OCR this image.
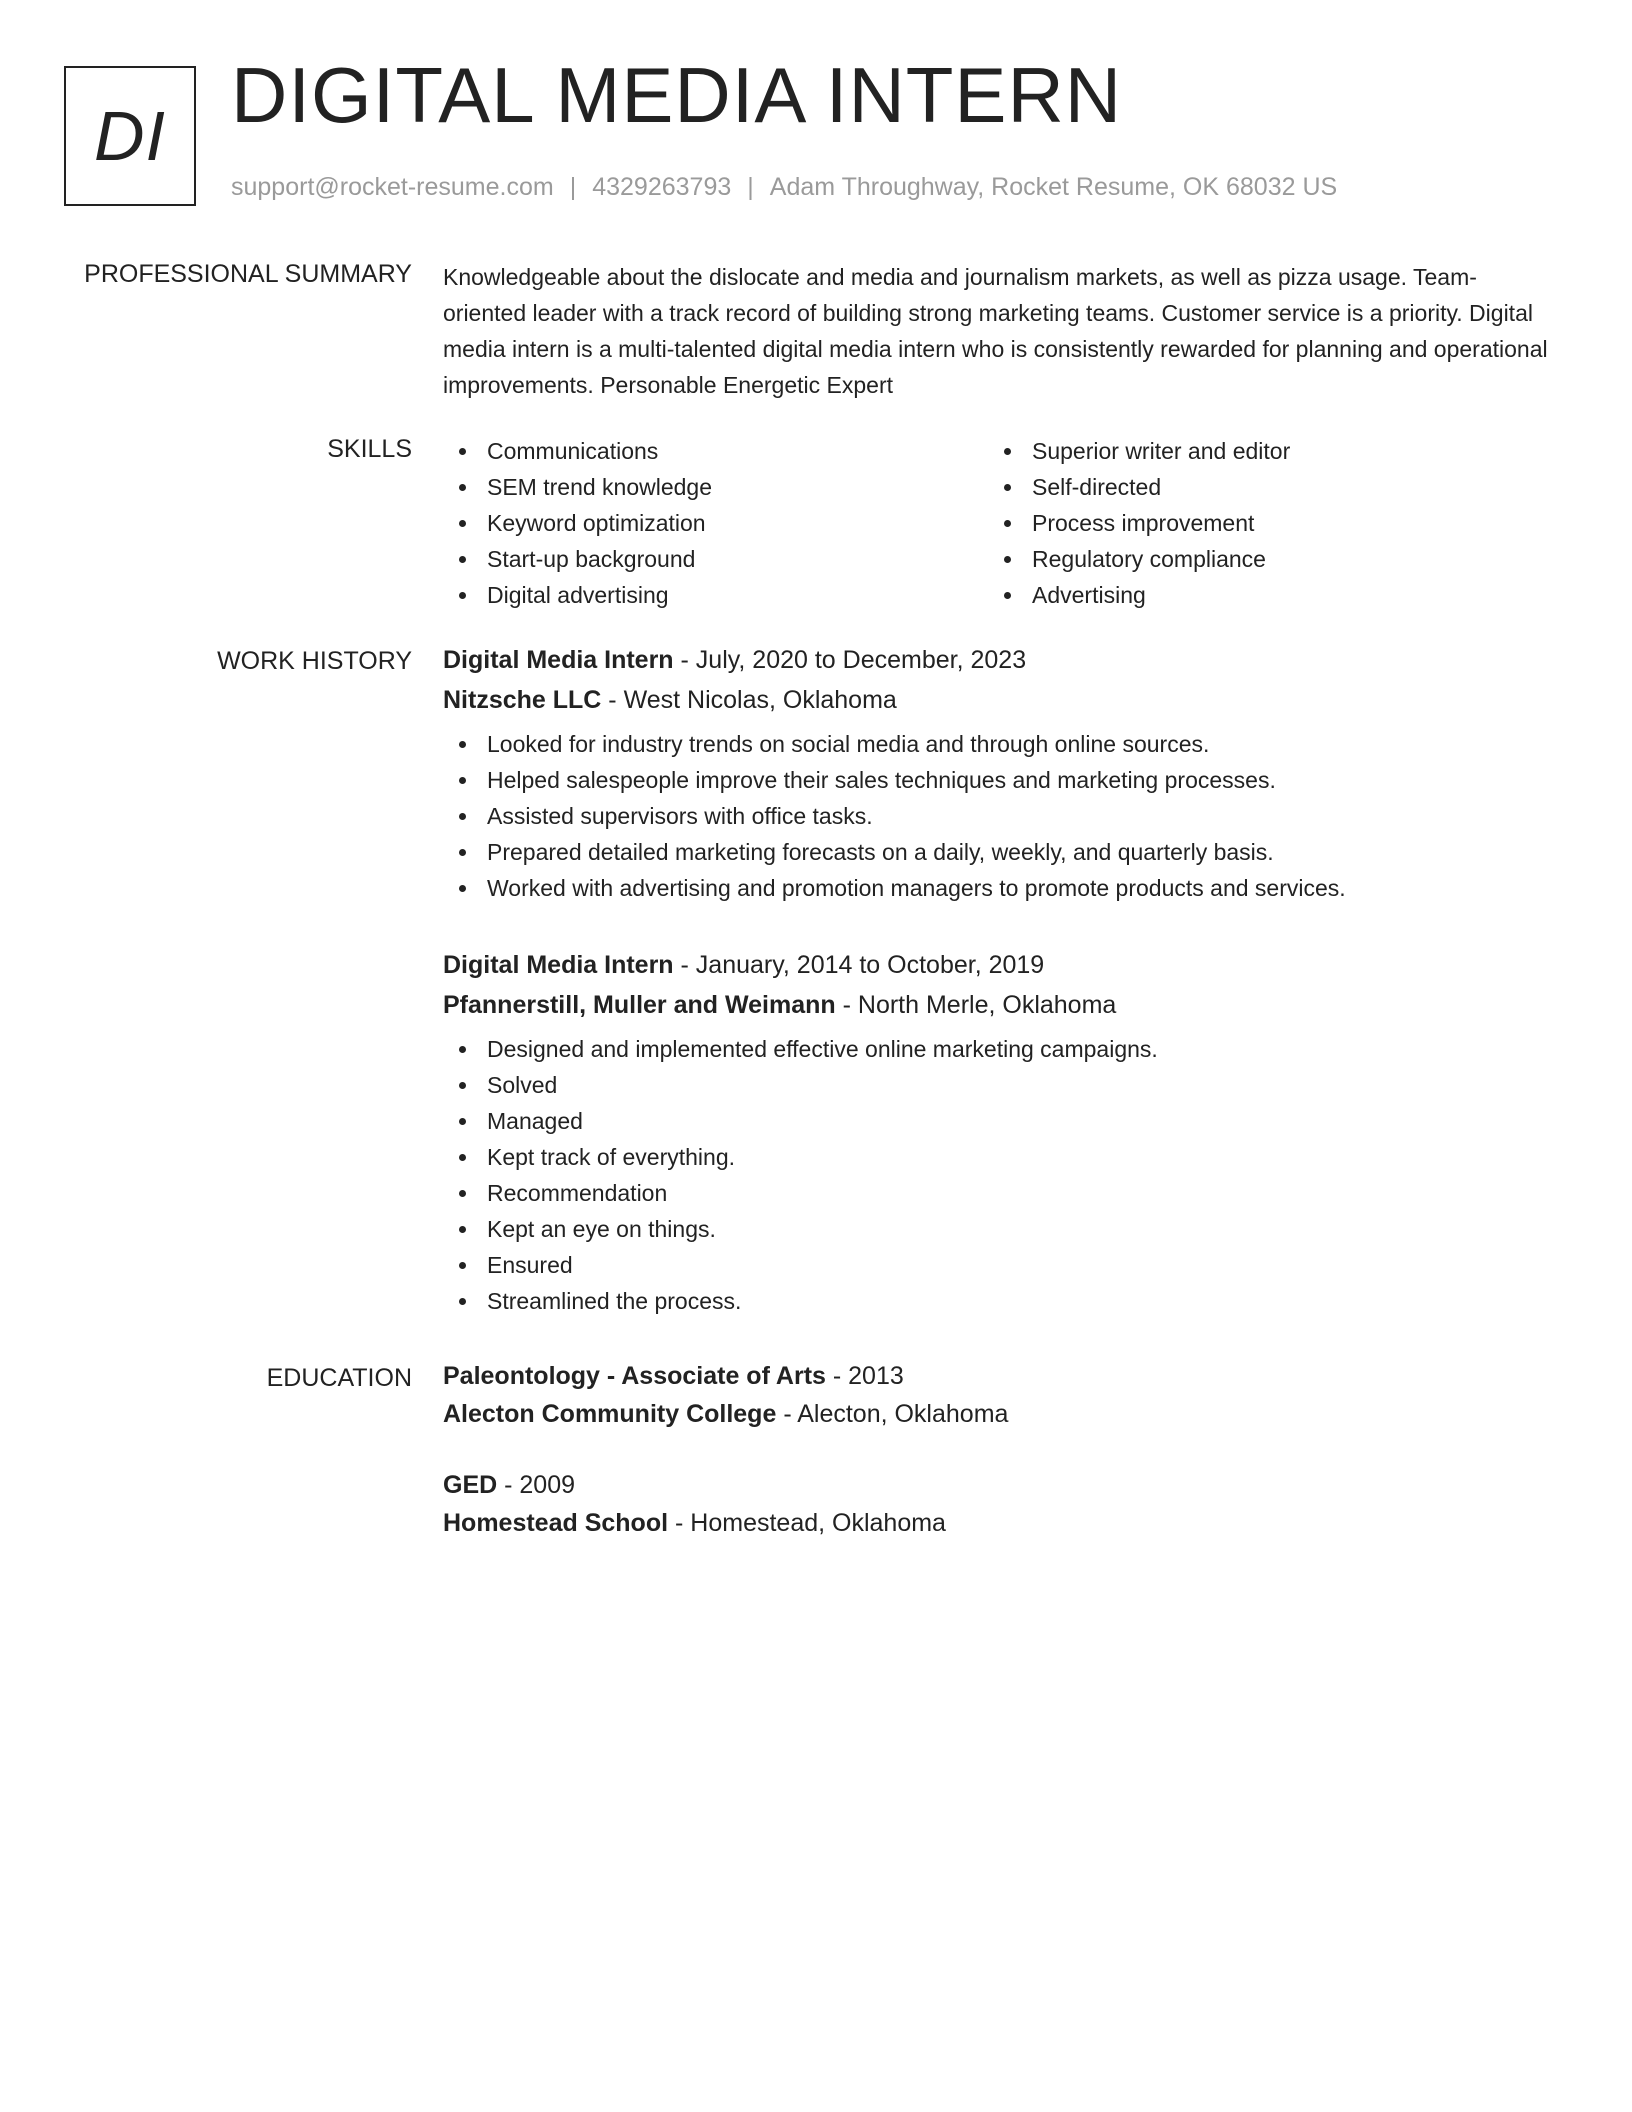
DI DIGITAL MEDIA INTERN
support@rocket-resume.com | 4329263793 | Adam Throughway, Rocket Resume, OK 68032 US
PROFESSIONAL SUMMARY Knowledgeable about the dislocate and media and journalism markets, as well as pizza usage. Team-oriented leader with a track record of building strong marketing teams. Customer service is a priority. Digital media intern is a multi-talented digital media intern who is consistently rewarded for planning and operational improvements. Personable Energetic Expert
SKILLS	Communications
SEM trend knowledge
Keyword optimization
Start-up background
Digital advertising
Superior writer and editor
Self-directed
Process improvement
Regulatory compliance
Advertising
WORK HISTORY Digital Media Intern - July, 2020 to December, 2023
Nitzsche LLC - West Nicolas, Oklahoma
Looked for industry trends on social media and through online sources.
Helped salespeople improve their sales techniques and marketing processes.
Assisted supervisors with office tasks.
Prepared detailed marketing forecasts on a daily, weekly, and quarterly basis.
Worked with advertising and promotion managers to promote products and services.
Digital Media Intern - January, 2014 to October, 2019
Pfannerstill, Muller and Weimann - North Merle, Oklahoma
Designed and implemented effective online marketing campaigns.
Solved
Managed
Kept track of everything.
Recommendation
Kept an eye on things.
Ensured
Streamlined the process.
EDUCATION Paleontology - Associate of Arts - 2013
Alecton Community College - Alecton, Oklahoma
GED - 2009
Homestead School - Homestead, Oklahoma
